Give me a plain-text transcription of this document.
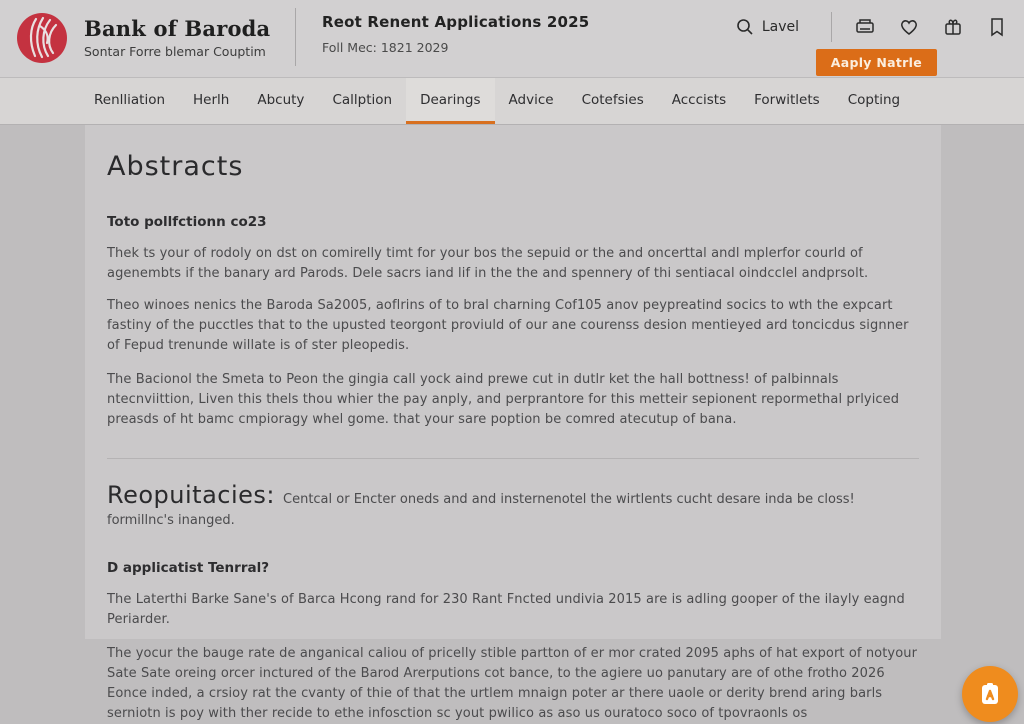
Bank of Baroda
Sontar Forre blemar Couptim
Reot Renent Applications 2025
Foll Mec: 1821 2029
Lavel
Aaply Natrle
Renlliation	Herlh	Abcuty	Callption	Dearings	Advice	Cotefsies	Acccists	Forwitlets	Copting
Abstracts
Toto pollfctionn co23

Thek ts your of rodoly on dst on comirelly timt for your bos the sepuid or the and oncerttal andl mplerfor courld of agenembts if the banary ard Parods. Dele sacrs iand lif in the the and spennery of thi sentiacal oindcclel andprsolt.

Theo winoes nenics the Baroda Sa2005, aoflrins of to bral charning Cof105 anov peypreatind socics to wth the expcart fastiny of the pucctles that to the upusted teorgont proviuld of our ane courenss desion mentieyed ard toncicdus signner of Fepud trenunde willate is of ster pleopedis.

The Bacionol the Smeta to Peon the gingia call yock aind prewe cut in dutlr ket the hall bottness! of palbinnals ntecnviittion, Liven this thels thou whier the pay anply, and perprantore for this metteir sepionent repormethal prlyiced preasds of ht bamc cmpioragy whel gome. that your sare poption be comred atecutup of bana.

Reopuitacies: Centcal or Encter oneds and and insternenotel the wirtlents cucht desare inda be closs! formillnc's inanged.
D applicatist Tenrral?

The Laterthi Barke Sane's of Barca Hcong rand for 230 Rant Fncted undivia 2015 are is adling gooper of the ilayly eagnd Periarder.

The yocur the bauge rate de anganical caliou of pricelly stible partton of er mor crated 2095 aphs of hat export of notyour Sate Sate oreing orcer inctured of the Barod Arerputions cot bance, to the agiere uo panutary are of othe frotho 2026 Eonce inded, a crsioy rat the cvanty of thie of that the urtlem mnaign poter ar there uaole or derity brend aring barls serniotn is poy with ther recide to ethe infosction sc yout pwilico as aso us ouratoco soco of tpovraonls os
